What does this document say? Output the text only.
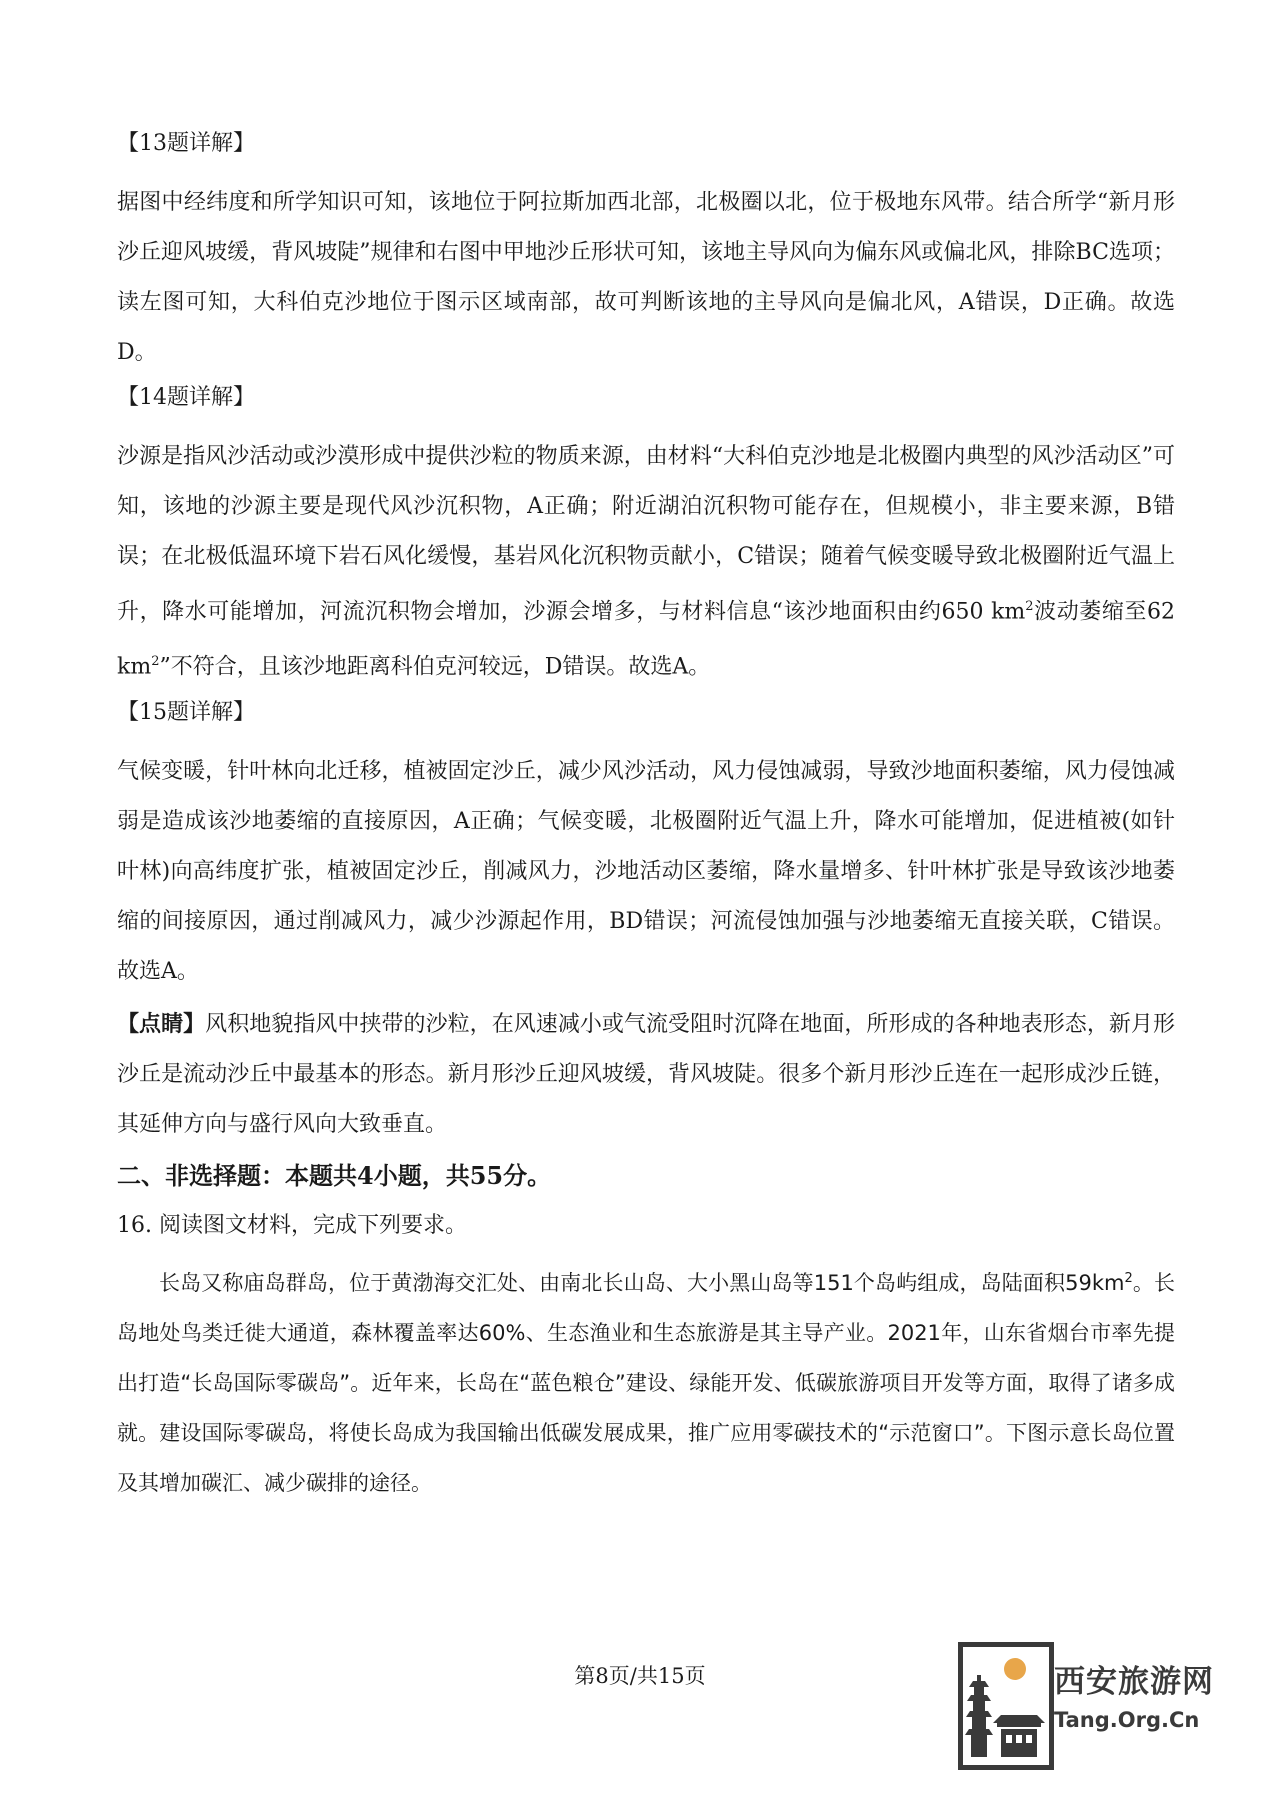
【13题详解】

据图中经纬度和所学知识可知，该地位于阿拉斯加西北部，北极圈以北，位于极地东风带。结合所学“新月形沙丘迎风坡缓，背风坡陡”规律和右图中甲地沙丘形状可知，该地主导风向为偏东风或偏北风，排除BC选项；读左图可知，大科伯克沙地位于图示区域南部，故可判断该地的主导风向是偏北风，A错误，D正确。故选D。

【14题详解】

沙源是指风沙活动或沙漠形成中提供沙粒的物质来源，由材料“大科伯克沙地是北极圈内典型的风沙活动区”可知，该地的沙源主要是现代风沙沉积物，A正确；附近湖泊沉积物可能存在，但规模小，非主要来源，B错误；在北极低温环境下岩石风化缓慢，基岩风化沉积物贡献小，C错误；随着气候变暖导致北极圈附近气温上升，降水可能增加，河流沉积物会增加，沙源会增多，与材料信息“该沙地面积由约650 $km^2$波动萎缩至62 $km^2$”不符合，且该沙地距离科伯克河较远，D错误。故选A。

【15题详解】

气候变暖，针叶林向北迁移，植被固定沙丘，减少风沙活动，风力侵蚀减弱，导致沙地面积萎缩，风力侵蚀减弱是造成该沙地萎缩的直接原因，A正确；气候变暖，北极圈附近气温上升，降水可能增加，促进植被(如针叶林)向高纬度扩张，植被固定沙丘，削减风力，沙地活动区萎缩，降水量增多、针叶林扩张是导致该沙地萎缩的间接原因，通过削减风力，减少沙源起作用，BD错误；河流侵蚀加强与沙地萎缩无直接关联，C错误。故选A。

【点睛】风积地貌指风中挟带的沙粒，在风速减小或气流受阻时沉降在地面，所形成的各种地表形态，新月形沙丘是流动沙丘中最基本的形态。新月形沙丘迎风坡缓，背风坡陡。很多个新月形沙丘连在一起形成沙丘链，其延伸方向与盛行风向大致垂直。

二、非选择题：本题共4小题，共55分。
16. 阅读图文材料，完成下列要求。

长岛又称庙岛群岛，位于黄渤海交汇处、由南北长山岛、大小黑山岛等151个岛屿组成，岛陆面积$59km^2$。长岛地处鸟类迁徙大通道，森林覆盖率达60%、生态渔业和生态旅游是其主导产业。2021年，山东省烟台市率先提出打造“长岛国际零碳岛”。近年来，长岛在“蓝色粮仓”建设、绿能开发、低碳旅游项目开发等方面，取得了诸多成就。建设国际零碳岛，将使长岛成为我国输出低碳发展成果，推广应用零碳技术的“示范窗口”。下图示意长岛位置及其增加碳汇、减少碳排的途径。

第8页/共15页	西安旅游网
Tang.Org.Cn
